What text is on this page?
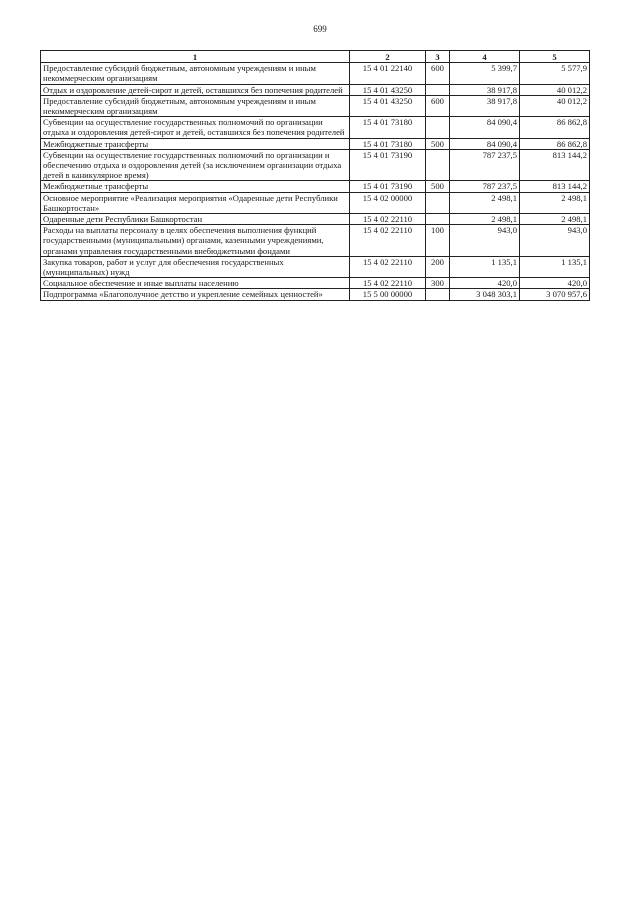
699
1	2	3	4	5
Предоставление субсидий бюджетным, автономным учреждениям и иным некоммерческим организациям	15 4 01 22140	600	5 399,7	5 577,9
Отдых и оздоровление детей-сирот и детей, оставшихся без попечения родителей	15 4 01 43250		38 917,8	40 012,2
Предоставление субсидий бюджетным, автономным учреждениям и иным некоммерческим организациям	15 4 01 43250	600	38 917,8	40 012,2
Субвенции на осуществление государственных полномочий по организации отдыха и оздоровления детей-сирот и детей, оставшихся без попечения родителей	15 4 01 73180		84 090,4	86 862,8
Межбюджетные трансферты	15 4 01 73180	500	84 090,4	86 862,8
Субвенции на осуществление государственных полномочий по организации и обеспечению отдыха и оздоровления детей (за исключением организации отдыха детей в каникулярное время)	15 4 01 73190		787 237,5	813 144,2
Межбюджетные трансферты	15 4 01 73190	500	787 237,5	813 144,2
Основное мероприятие «Реализация мероприятия «Одаренные дети Республики Башкортостан»	15 4 02 00000		2 498,1	2 498,1
Одаренные дети Республики Башкортостан	15 4 02 22110		2 498,1	2 498,1
Расходы на выплаты персоналу в целях обеспечения выполнения функций государственными (муниципальными) органами, казенными учреждениями, органами управления государственными внебюджетными фондами	15 4 02 22110	100	943,0	943,0
Закупка товаров, работ и услуг для обеспечения государственных (муниципальных) нужд	15 4 02 22110	200	1 135,1	1 135,1
Социальное обеспечение и иные выплаты населению	15 4 02 22110	300	420,0	420,0
Подпрограмма «Благополучное детство и укрепление семейных ценностей»	15 5 00 00000		3 048 303,1	3 070 957,6
